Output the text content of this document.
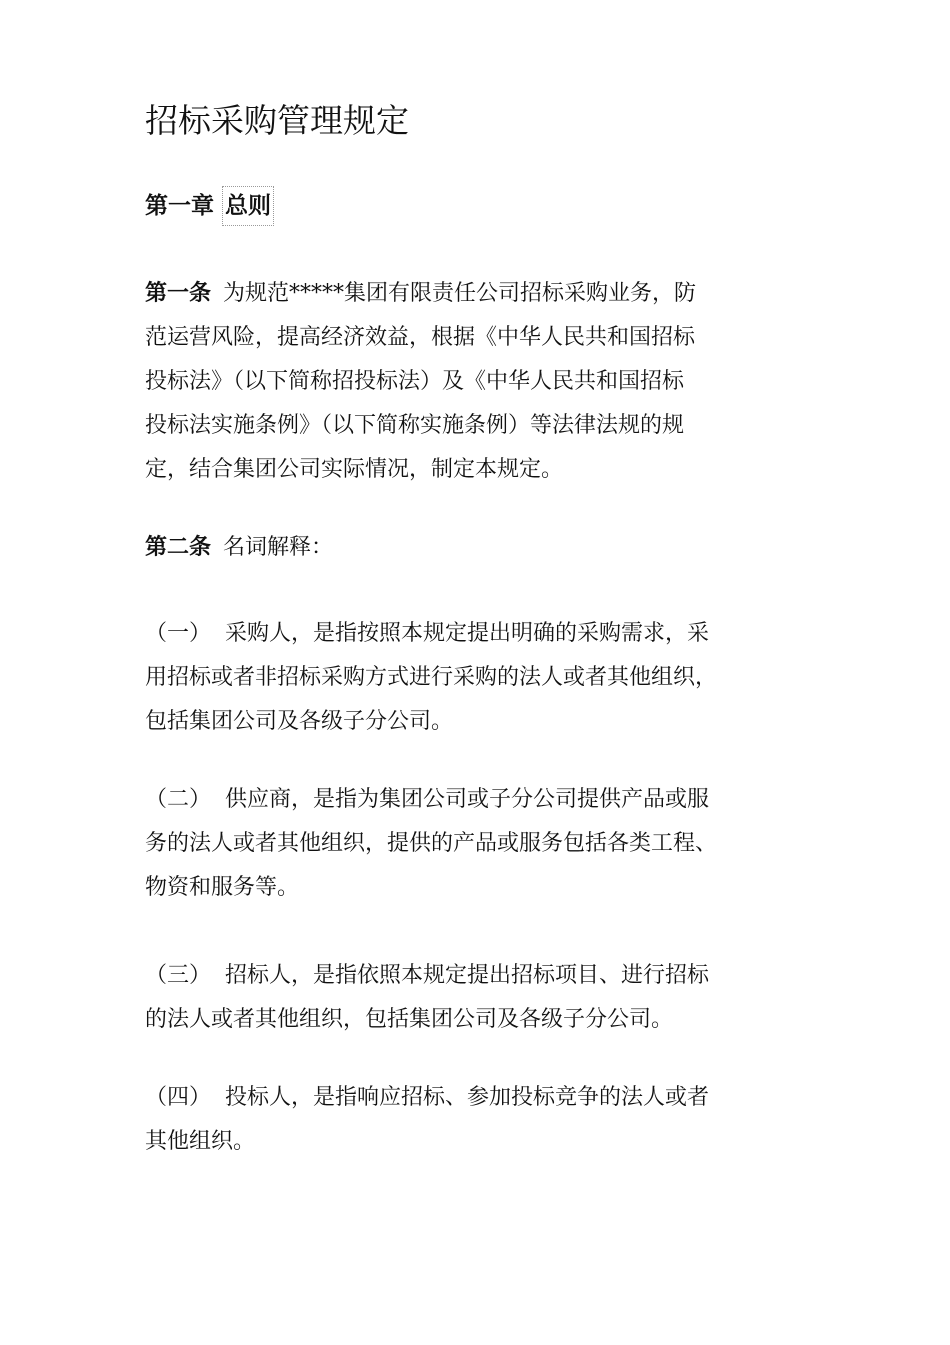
招标采购管理规定
第一章 总则
第一条 为规范*****集团有限责任公司招标采购业务，防
范运营风险，提高经济效益，根据《中华人民共和国招标
投标法》（以下简称招投标法）及《中华人民共和国招标
投标法实施条例》（以下简称实施条例）等法律法规的规
定，结合集团公司实际情况，制定本规定。
第二条 名词解释：
（一） 采购人，是指按照本规定提出明确的采购需求，采
用招标或者非招标采购方式进行采购的法人或者其他组织，
包括集团公司及各级子分公司。
（二） 供应商，是指为集团公司或子分公司提供产品或服
务的法人或者其他组织，提供的产品或服务包括各类工程、
物资和服务等。
（三） 招标人，是指依照本规定提出招标项目、进行招标
的法人或者其他组织，包括集团公司及各级子分公司。
（四） 投标人，是指响应招标、参加投标竞争的法人或者
其他组织。
